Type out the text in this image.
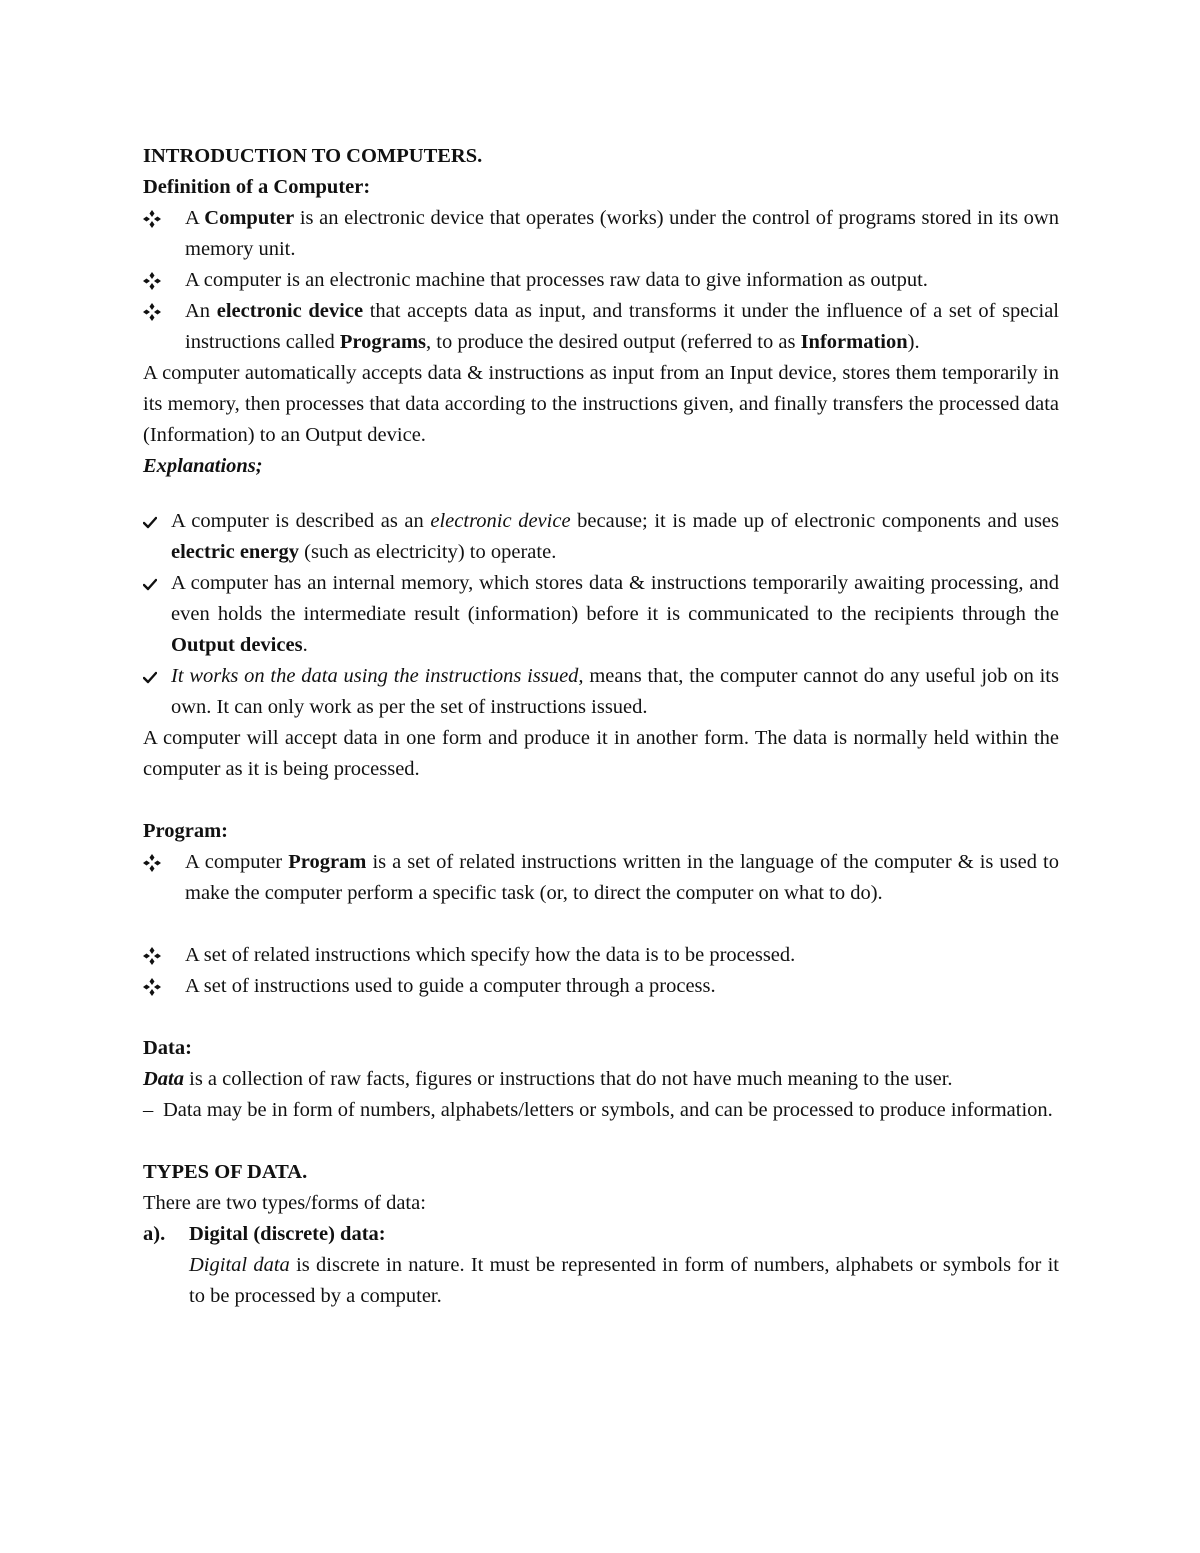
INTRODUCTION TO COMPUTERS.

Definition of a Computer:

A Computer is an electronic device that operates (works) under the control of programs stored in its own memory unit.
A computer is an electronic machine that processes raw data to give information as output.
An electronic device that accepts data as input, and transforms it under the influence of a set of special instructions called Programs, to produce the desired output (referred to as Information).

A computer automatically accepts data & instructions as input from an Input device, stores them temporarily in its memory, then processes that data according to the instructions given, and finally transfers the processed data (Information) to an Output device.

Explanations;

A computer is described as an electronic device because; it is made up of electronic components and uses electric energy (such as electricity) to operate.
A computer has an internal memory, which stores data & instructions temporarily awaiting processing, and even holds the intermediate result (information) before it is communicated to the recipients through the Output devices.
It works on the data using the instructions issued, means that, the computer cannot do any useful job on its own. It can only work as per the set of instructions issued.

A computer will accept data in one form and produce it in another form. The data is normally held within the computer as it is being processed.

Program:

A computer Program is a set of related instructions written in the language of the computer & is used to make the computer perform a specific task (or, to direct the computer on what to do).
A set of related instructions which specify how the data is to be processed.
A set of instructions used to guide a computer through a process.

Data:

Data is a collection of raw facts, figures or instructions that do not have much meaning to the user.

– Data may be in form of numbers, alphabets/letters or symbols, and can be processed to produce information.

TYPES OF DATA.

There are two types/forms of data:

a). Digital (discrete) data:

Digital data is discrete in nature. It must be represented in form of numbers, alphabets or symbols for it to be processed by a computer.
